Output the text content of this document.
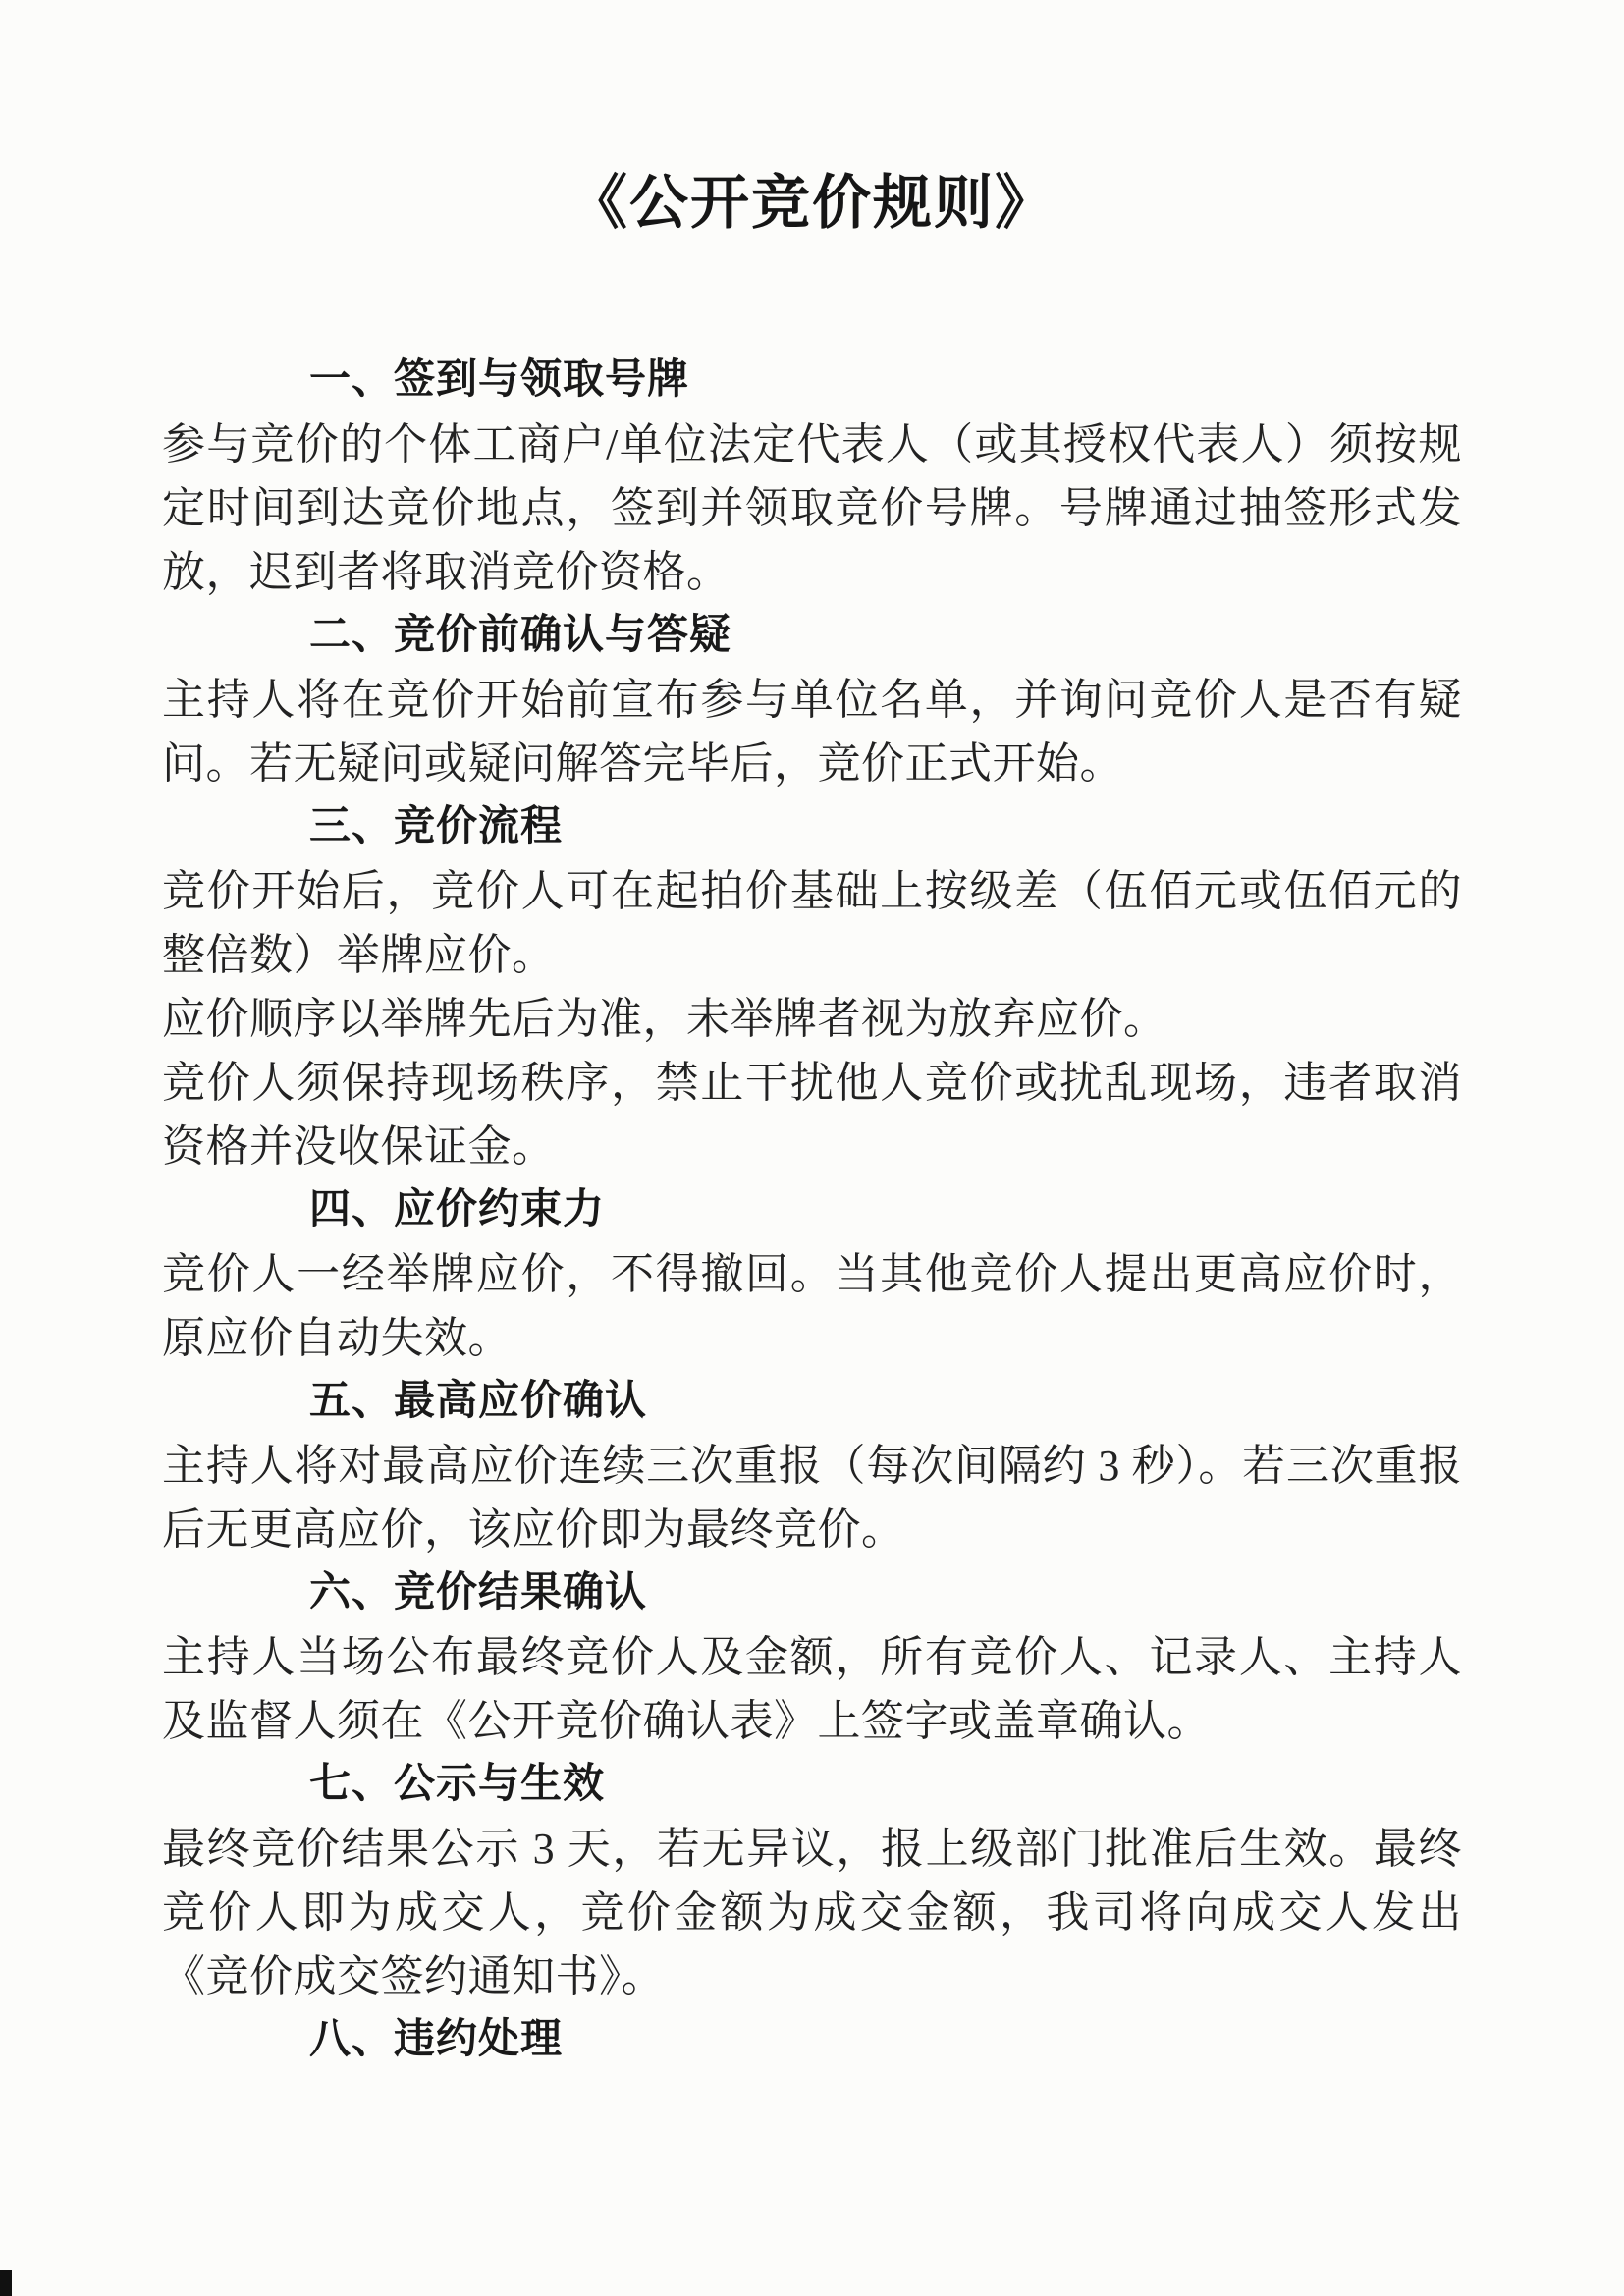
《公开竞价规则》
一、签到与领取号牌

参与竞价的个体工商户/单位法定代表人（或其授权代表人）须按规定时间到达竞价地点，签到并领取竞价号牌。号牌通过抽签形式发放，迟到者将取消竞价资格。

二、竞价前确认与答疑

主持人将在竞价开始前宣布参与单位名单，并询问竞价人是否有疑问。若无疑问或疑问解答完毕后，竞价正式开始。

三、竞价流程

竞价开始后，竞价人可在起拍价基础上按级差（伍佰元或伍佰元的整倍数）举牌应价。

应价顺序以举牌先后为准，未举牌者视为放弃应价。

竞价人须保持现场秩序，禁止干扰他人竞价或扰乱现场，违者取消资格并没收保证金。

四、应价约束力

竞价人一经举牌应价，不得撤回。当其他竞价人提出更高应价时，原应价自动失效。

五、最高应价确认

主持人将对最高应价连续三次重报（每次间隔约 3 秒）。若三次重报后无更高应价，该应价即为最终竞价。

六、竞价结果确认

主持人当场公布最终竞价人及金额，所有竞价人、记录人、主持人及监督人须在《公开竞价确认表》上签字或盖章确认。

七、公示与生效

最终竞价结果公示 3 天，若无异议，报上级部门批准后生效。最终竞价人即为成交人，竞价金额为成交金额，我司将向成交人发出《竞价成交签约通知书》。

八、违约处理
